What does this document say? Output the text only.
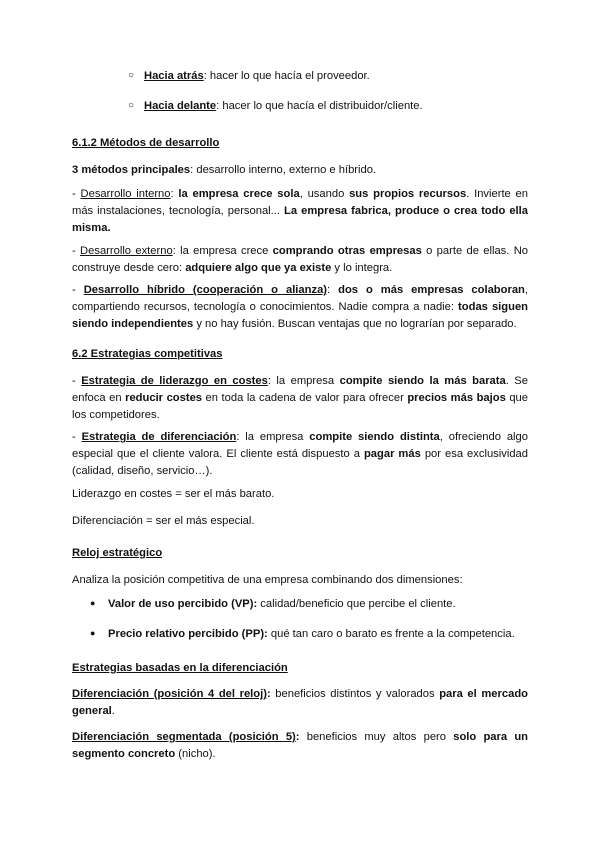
○ Hacia atrás: hacer lo que hacía el proveedor.
○ Hacia delante: hacer lo que hacía el distribuidor/cliente.

6.1.2 Métodos de desarrollo

3 métodos principales: desarrollo interno, externo e híbrido.

- Desarrollo interno: la empresa crece sola, usando sus propios recursos. Invierte en más instalaciones, tecnología, personal... La empresa fabrica, produce o crea todo ella misma.

- Desarrollo externo: la empresa crece comprando otras empresas o parte de ellas. No construye desde cero: adquiere algo que ya existe y lo integra.

- Desarrollo híbrido (cooperación o alianza): dos o más empresas colaboran, compartiendo recursos, tecnología o conocimientos. Nadie compra a nadie: todas siguen siendo independientes y no hay fusión. Buscan ventajas que no lograrían por separado.

6.2 Estrategias competitivas

- Estrategia de liderazgo en costes: la empresa compite siendo la más barata. Se enfoca en reducir costes en toda la cadena de valor para ofrecer precios más bajos que los competidores.

- Estrategia de diferenciación: la empresa compite siendo distinta, ofreciendo algo especial que el cliente valora. El cliente está dispuesto a pagar más por esa exclusividad (calidad, diseño, servicio…).

Liderazgo en costes = ser el más barato.

Diferenciación = ser el más especial.

Reloj estratégico

Analiza la posición competitiva de una empresa combinando dos dimensiones:

● Valor de uso percibido (VP): calidad/beneficio que percibe el cliente.
● Precio relativo percibido (PP): qué tan caro o barato es frente a la competencia.

Estrategias basadas en la diferenciación

Diferenciación (posición 4 del reloj): beneficios distintos y valorados para el mercado general.

Diferenciación segmentada (posición 5): beneficios muy altos pero solo para un segmento concreto (nicho).
